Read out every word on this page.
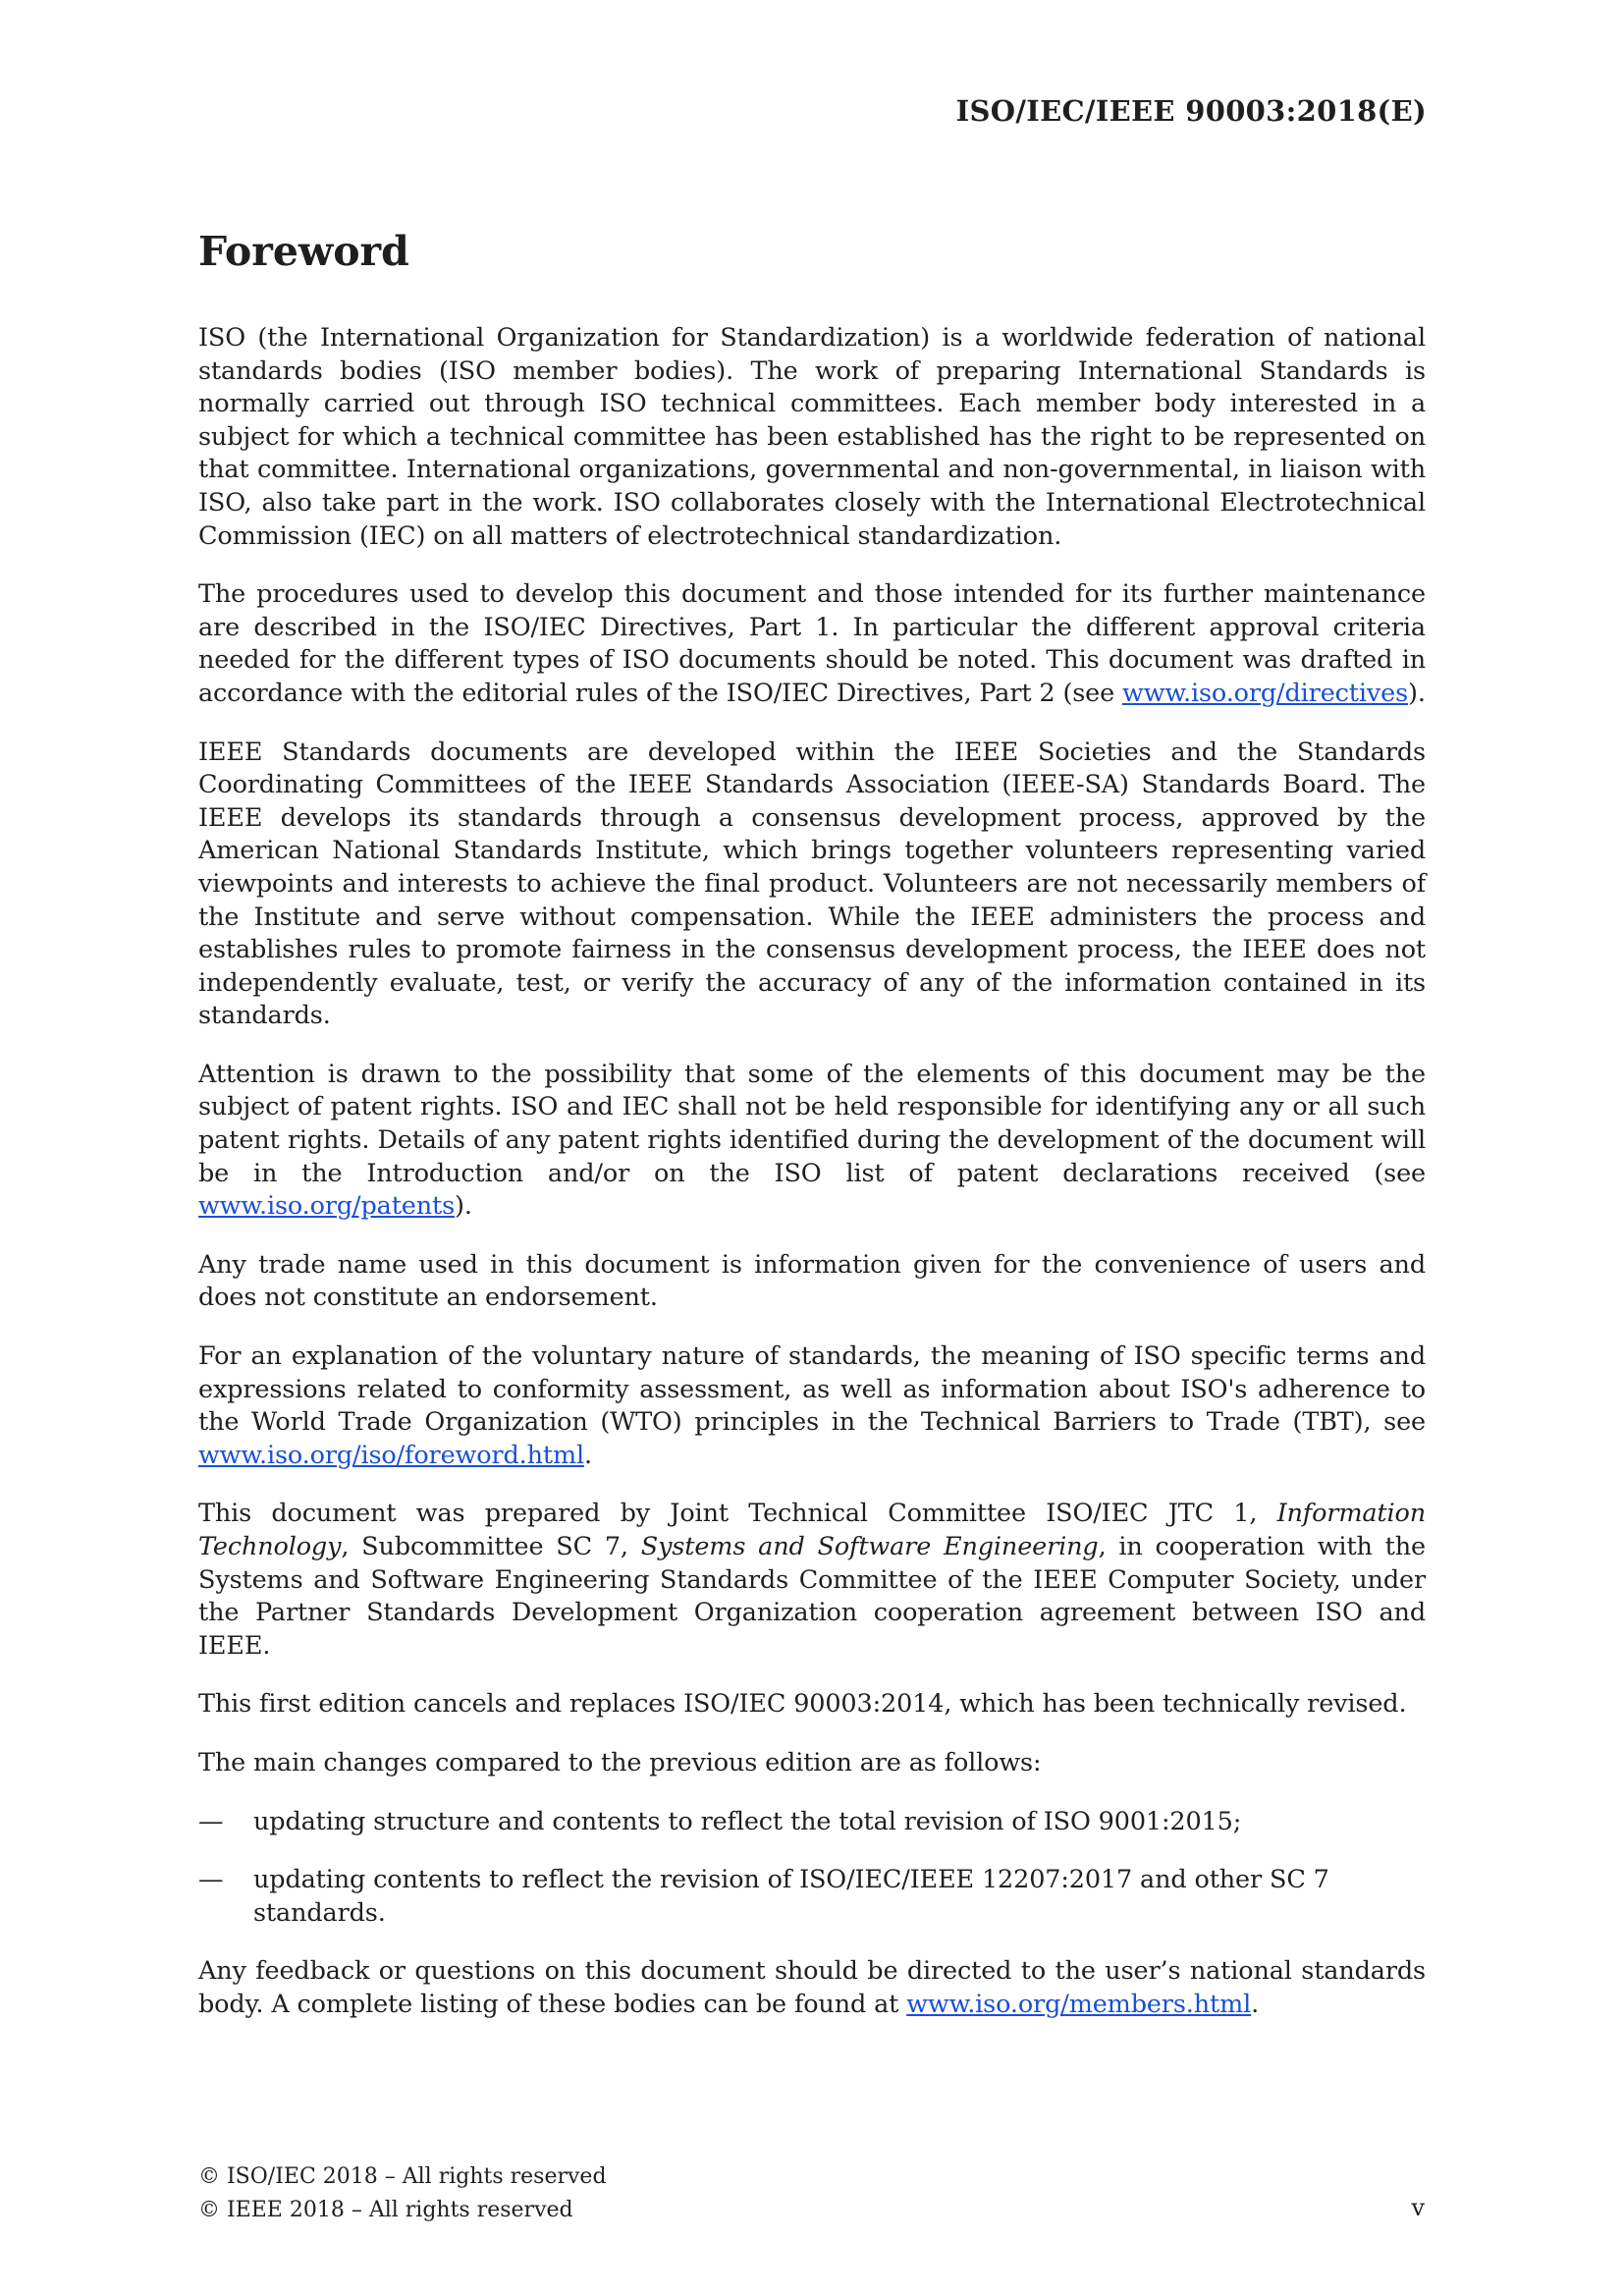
ISO/IEC/IEEE 90003:2018(E)
Foreword

ISO (the International Organization for Standardization) is a worldwide federation of national standards bodies (ISO member bodies). The work of preparing International Standards is normally carried out through ISO technical committees. Each member body interested in a subject for which a technical committee has been established has the right to be represented on that committee. International organizations, governmental and non-governmental, in liaison with ISO, also take part in the work. ISO collaborates closely with the International Electrotechnical Commission (IEC) on all matters of electrotechnical standardization.

The procedures used to develop this document and those intended for its further maintenance are described in the ISO/IEC Directives, Part 1. In particular the different approval criteria needed for the different types of ISO documents should be noted. This document was drafted in accordance with the editorial rules of the ISO/IEC Directives, Part 2 (see www.iso.org/directives).

IEEE Standards documents are developed within the IEEE Societies and the Standards Coordinating Committees of the IEEE Standards Association (IEEE-SA) Standards Board. The IEEE develops its standards through a consensus development process, approved by the American National Standards Institute, which brings together volunteers representing varied viewpoints and interests to achieve the final product. Volunteers are not necessarily members of the Institute and serve without compensation. While the IEEE administers the process and establishes rules to promote fairness in the consensus development process, the IEEE does not independently evaluate, test, or verify the accuracy of any of the information contained in its standards.

Attention is drawn to the possibility that some of the elements of this document may be the subject of patent rights. ISO and IEC shall not be held responsible for identifying any or all such patent rights. Details of any patent rights identified during the development of the document will be in the Introduction and/or on the ISO list of patent declarations received (see www.iso.org/patents).

Any trade name used in this document is information given for the convenience of users and does not constitute an endorsement.

For an explanation of the voluntary nature of standards, the meaning of ISO specific terms and expressions related to conformity assessment, as well as information about ISO's adherence to the World Trade Organization (WTO) principles in the Technical Barriers to Trade (TBT), see www.iso.org/iso/foreword.html.

This document was prepared by Joint Technical Committee ISO/IEC JTC 1, Information Technology, Subcommittee SC 7, Systems and Software Engineering, in cooperation with the Systems and Software Engineering Standards Committee of the IEEE Computer Society, under the Partner Standards Development Organization cooperation agreement between ISO and IEEE.

This first edition cancels and replaces ISO/IEC 90003:2014, which has been technically revised.

The main changes compared to the previous edition are as follows:

—	updating structure and contents to reflect the total revision of ISO 9001:2015;
—	updating contents to reflect the revision of ISO/IEC/IEEE 12207:2017 and other SC 7 standards.

Any feedback or questions on this document should be directed to the user’s national standards body. A complete listing of these bodies can be found at www.iso.org/members.html.

© ISO/IEC 2018 – All rights reserved
© IEEE 2018 – All rights reserved	v
